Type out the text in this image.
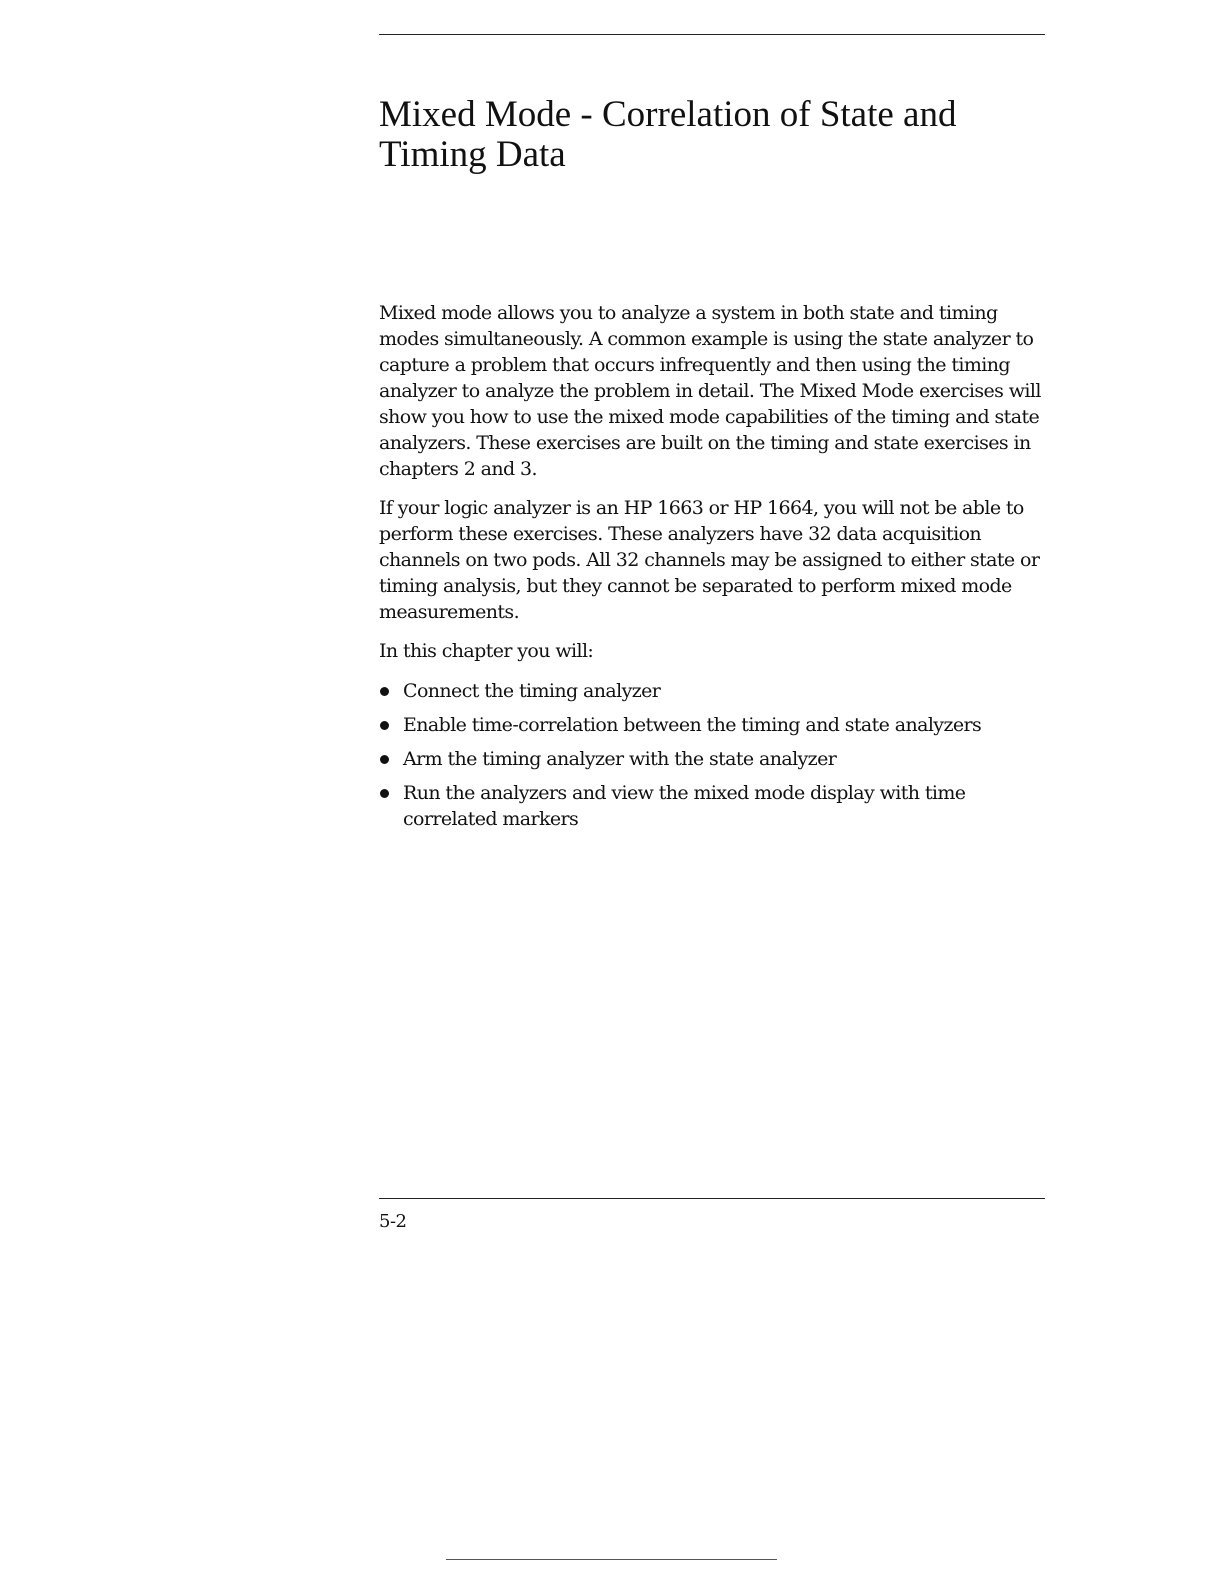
Mixed Mode - Correlation of State and Timing Data

Mixed mode allows you to analyze a system in both state and timing modes simultaneously. A common example is using the state analyzer to capture a problem that occurs infrequently and then using the timing analyzer to analyze the problem in detail. The Mixed Mode exercises will show you how to use the mixed mode capabilities of the timing and state analyzers. These exercises are built on the timing and state exercises in chapters 2 and 3.

If your logic analyzer is an HP 1663 or HP 1664, you will not be able to perform these exercises. These analyzers have 32 data acquisition channels on two pods. All 32 channels may be assigned to either state or timing analysis, but they cannot be separated to perform mixed mode measurements.

In this chapter you will:

Connect the timing analyzer
Enable time-correlation between the timing and state analyzers
Arm the timing analyzer with the state analyzer
Run the analyzers and view the mixed mode display with time correlated markers
5-2
